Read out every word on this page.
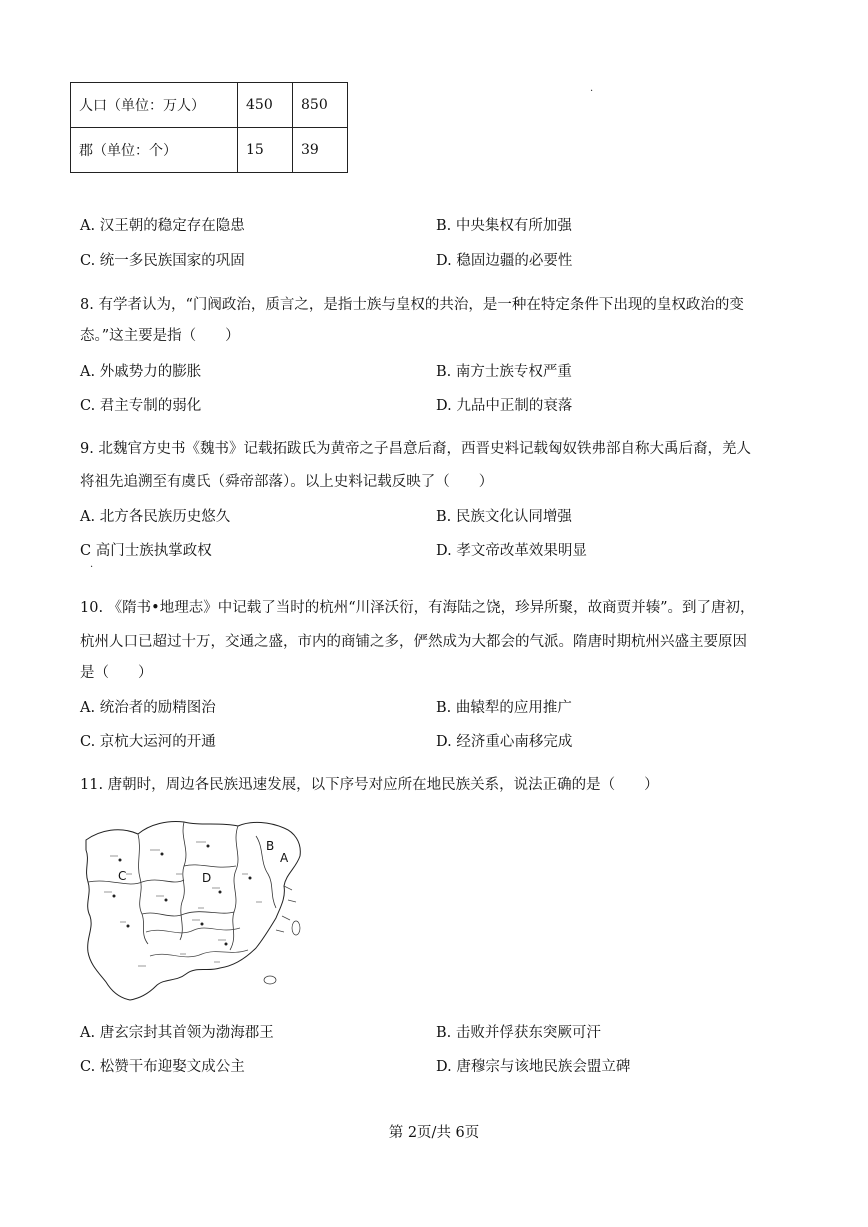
·
人口（单位：万人）	450	850
郡（单位：个）	15	39
A. 汉王朝的稳定存在隐患	B. 中央集权有所加强
C. 统一多民族国家的巩固	D. 稳固边疆的必要性
8. 有学者认为，“门阀政治，质言之，是指士族与皇权的共治，是一种在特定条件下出现的皇权政治的变
态。”这主要是指（　　）
A. 外戚势力的膨胀	B. 南方士族专权严重
C. 君主专制的弱化	D. 九品中正制的衰落
9. 北魏官方史书《魏书》记载拓跋氏为黄帝之子昌意后裔，西晋史料记载匈奴铁弗部自称大禹后裔，羌人
将祖先追溯至有虞氏（舜帝部落）。以上史料记载反映了（　　）
A. 北方各民族历史悠久	B. 民族文化认同增强
C 高门士族执掌政权	D. 孝文帝改革效果明显
·
10. 《隋书•地理志》中记载了当时的杭州“川泽沃衍，有海陆之饶，珍异所聚，故商贾并辏”。到了唐初，
杭州人口已超过十万，交通之盛，市内的商铺之多，俨然成为大都会的气派。隋唐时期杭州兴盛主要原因
是（　　）
A. 统治者的励精图治	B. 曲辕犁的应用推广
C. 京杭大运河的开通	D. 经济重心南移完成
11. 唐朝时，周边各民族迅速发展，以下序号对应所在地民族关系，说法正确的是（　　）
A
B
C	D
A. 唐玄宗封其首领为渤海郡王	B. 击败并俘获东突厥可汗
C. 松赞干布迎娶文成公主	D. 唐穆宗与该地民族会盟立碑
第 2页/共 6页
